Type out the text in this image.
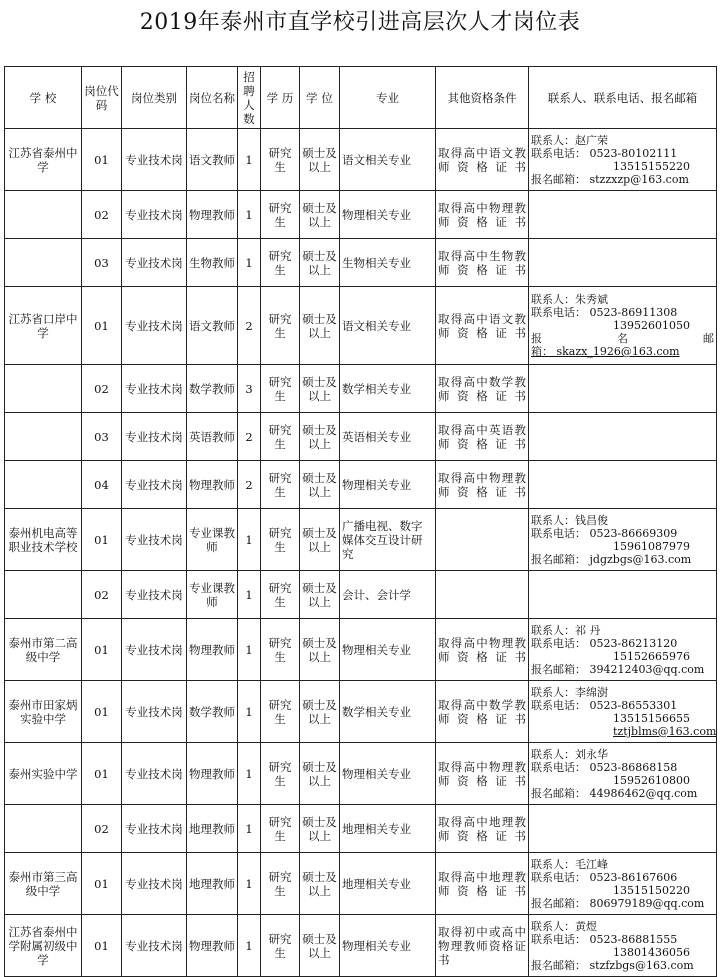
2019年泰州市直学校引进高层次人才岗位表
学 校	岗位代码	岗位类别	岗位名称	招聘人数	学 历	学 位	专业	其他资格条件	联系人、联系电话、报名邮箱
江苏省泰州中学	01	专业技术岗	语文教师	1	研究生	硕士及以上	语文相关专业	取得高中语文教师资格证书	联系人：赵广荣
联系电话： 0523-80102111
13515155220
报名邮箱： stzzxzp@163.com

	02	专业技术岗	物理教师	1	研究生	硕士及以上	物理相关专业	取得高中物理教师资格证书	
	03	专业技术岗	生物教师	1	研究生	硕士及以上	生物相关专业	取得高中生物教师资格证书	
江苏省口岸中学	01	专业技术岗	语文教师	2	研究生	硕士及以上	语文相关专业	取得高中语文教师资格证书	联系人：朱秀斌
联系电话： 0523-86911308
13952601050
报 名 邮
箱： skazx_1926@163.com

	02	专业技术岗	数学教师	3	研究生	硕士及以上	数学相关专业	取得高中数学教师资格证书	
	03	专业技术岗	英语教师	2	研究生	硕士及以上	英语相关专业	取得高中英语教师资格证书	
	04	专业技术岗	物理教师	2	研究生	硕士及以上	物理相关专业	取得高中物理教师资格证书	
泰州机电高等职业技术学校	01	专业技术岗	专业课教师	1	研究生	硕士及以上	广播电视、数字媒体交互设计研究		联系人：钱昌俊
联系电话： 0523-86669309
15961087979
报名邮箱： jdgzbgs@163.com

	02	专业技术岗	专业课教师	1	研究生	硕士及以上	会计、会计学		
泰州市第二高级中学	01	专业技术岗	物理教师	1	研究生	硕士及以上	物理相关专业	取得高中物理教师资格证书	联系人：祁 丹
联系电话： 0523-86213120
15152665976
报名邮箱： 394212403@qq.com

泰州市田家炳实验中学	01	专业技术岗	数学教师	1	研究生	硕士及以上	数学相关专业	取得高中数学教师资格证书	联系人：李绵澍
联系电话： 0523-86553301
13515156655
tztjblms@163.com

泰州实验中学	01	专业技术岗	物理教师	1	研究生	硕士及以上	物理相关专业	取得高中物理教师资格证书	联系人：刘永华
联系电话： 0523-86868158
15952610800
报名邮箱： 44986462@qq.com

	02	专业技术岗	地理教师	1	研究生	硕士及以上	地理相关专业	取得高中地理教师资格证书	
泰州市第三高级中学	01	专业技术岗	地理教师	1	研究生	硕士及以上	地理相关专业	取得高中地理教师资格证书	联系人：毛江峰
联系电话： 0523-86167606
13515150220
报名邮箱： 806979189@qq.com

江苏省泰州中学附属初级中学	01	专业技术岗	物理教师	1	研究生	硕士及以上	物理相关专业	取得初中或高中物理教师资格证书	联系人：黄煜
联系电话： 0523-86881555
13801436056
报名邮箱： stzfzbgs@163.com
